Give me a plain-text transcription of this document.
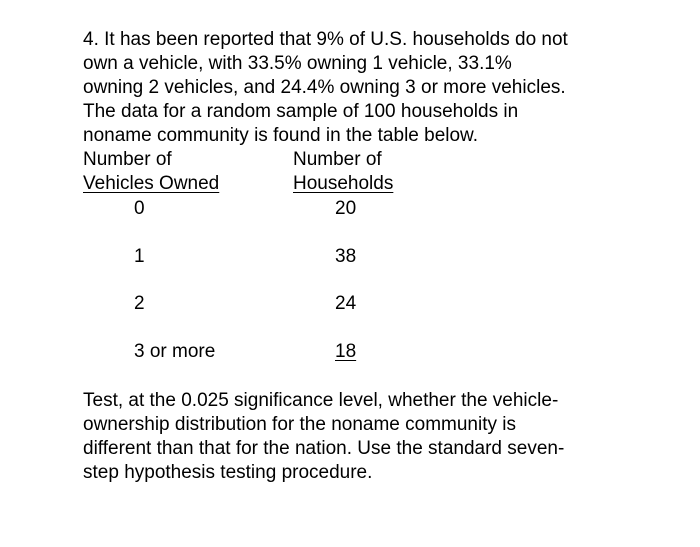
4. It has been reported that 9% of U.S. households do not
own a vehicle, with 33.5% owning 1 vehicle, 33.1%
owning 2 vehicles, and 24.4% owning 3 or more vehicles.
The data for a random sample of 100 households in
noname community is found in the table below.
Number of	Number of
Vehicles Owned	Households
0	20
1	38
2	24
3 or more	18
Test, at the 0.025 significance level, whether the vehicle-
ownership distribution for the noname community is
different than that for the nation. Use the standard seven-
step hypothesis testing procedure.
